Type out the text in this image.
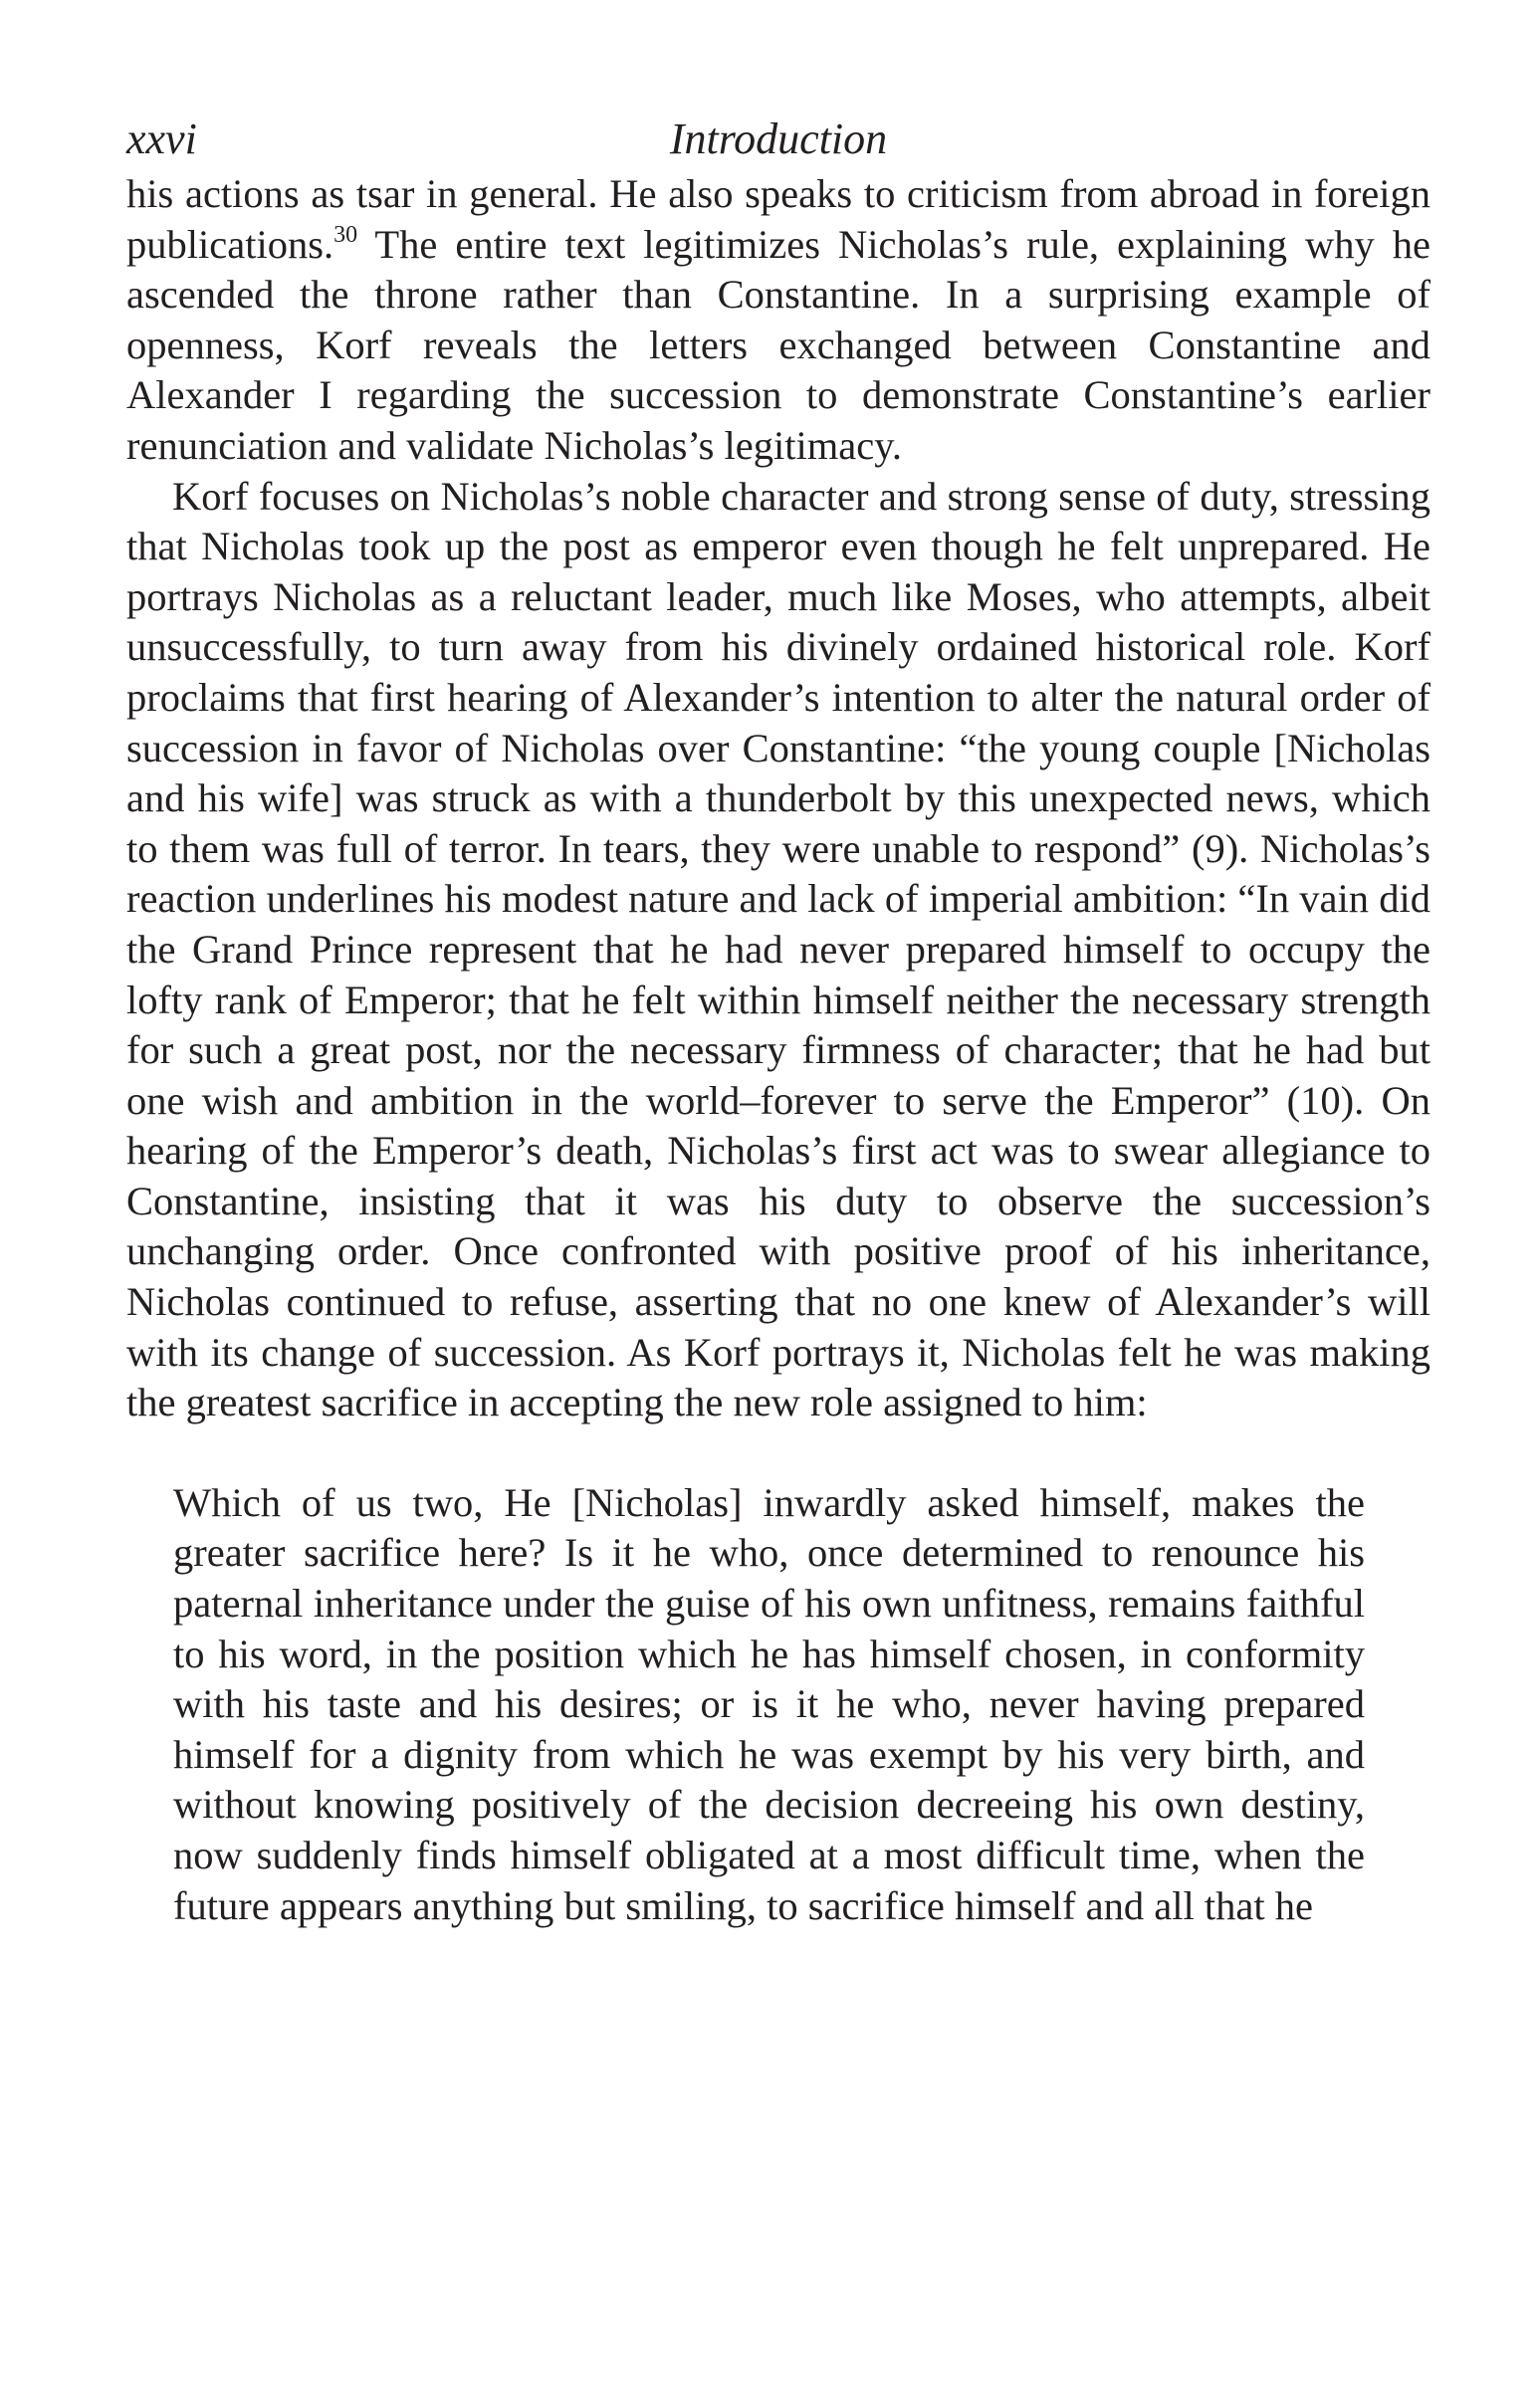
xxvi	Introduction

his actions as tsar in general. He also speaks to criticism from abroad in foreign publications.$^{30}$ The entire text legitimizes Nicholas’s rule, explaining why he ascended the throne rather than Constantine. In a surprising example of openness, Korf reveals the letters exchanged between Constantine and Alexander I regarding the succession to demonstrate Constantine’s earlier renunciation and validate Nicholas’s legitimacy.

Korf focuses on Nicholas’s noble character and strong sense of duty, stressing that Nicholas took up the post as emperor even though he felt unprepared. He portrays Nicholas as a reluctant leader, much like Moses, who attempts, albeit unsuccessfully, to turn away from his divinely ordained historical role. Korf proclaims that first hearing of Alexander’s intention to alter the natural order of succession in favor of Nicholas over Constantine: “the young couple [Nicholas and his wife] was struck as with a thunderbolt by this unexpected news, which to them was full of terror. In tears, they were unable to respond” (9). Nicholas’s reaction underlines his modest nature and lack of imperial ambition: “In vain did the Grand Prince represent that he had never prepared himself to occupy the lofty rank of Emperor; that he felt within himself neither the necessary strength for such a great post, nor the necessary firmness of character; that he had but one wish and ambition in the world–forever to serve the Emperor” (10). On hearing of the Emperor’s death, Nicholas’s first act was to swear allegiance to Constantine, insisting that it was his duty to observe the succession’s unchanging order. Once confronted with positive proof of his inheritance, Nicholas continued to refuse, asserting that no one knew of Alexander’s will with its change of succession. As Korf portrays it, Nicholas felt he was making the greatest sacrifice in accepting the new role assigned to him:

Which of us two, He [Nicholas] inwardly asked himself, makes the greater sacrifice here? Is it he who, once determined to renounce his paternal inheritance under the guise of his own unfitness, remains faithful to his word, in the position which he has himself chosen, in conformity with his taste and his desires; or is it he who, never having prepared himself for a dignity from which he was exempt by his very birth, and without knowing positively of the decision decreeing his own destiny, now suddenly finds himself obligated at a most difficult time, when the future appears anything but smiling, to sacrifice himself and all that he
